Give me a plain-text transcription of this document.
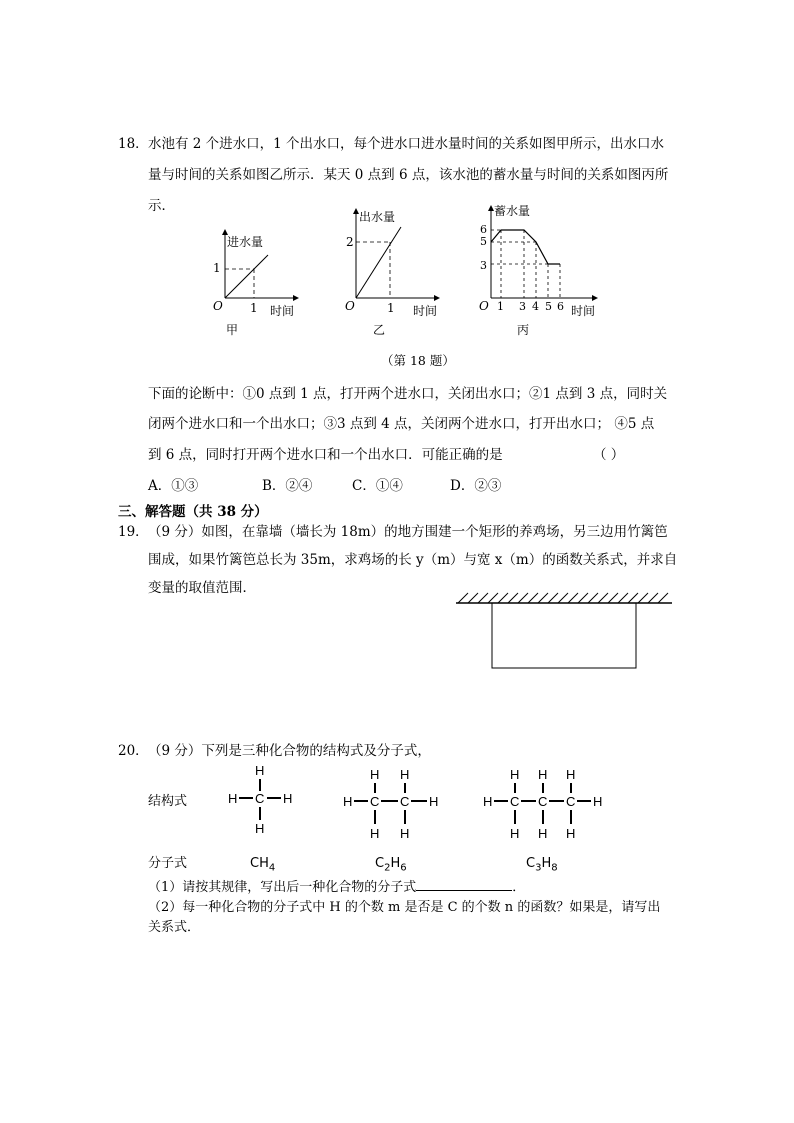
18． 水池有 2 个进水口，1 个出水口，每个进水口进水量时间的关系如图甲所示，出水口水
量与时间的关系如图乙所示．某天 0 点到 6 点，该水池的蓄水量与时间的关系如图丙所
示．
进水量
O
1
1 时间
甲
出水量
O
2
1 时间
乙
蓄水量
O
6
5
3
1 3 4 5 6 时间
丙
（第 18 题）
下面的论断中：①0 点到 1 点，打开两个进水口，关闭出水口；②1 点到 3 点，同时关
闭两个进水口和一个出水口；③3 点到 4 点，关闭两个进水口，打开出水口； ④5 点
到 6 点，同时打开两个进水口和一个出水口．可能正确的是	（ ）
A．①③	B．②④	C．①④	D．②③
三、解答题（共 38 分）
19． （9 分）如图，在靠墙（墙长为 18m）的地方围建一个矩形的养鸡场，另三边用竹篱笆
围成，如果竹篱笆总长为 35m，求鸡场的长 y（m）与宽 x（m）的函数关系式，并求自
变量的取值范围．
20． （9 分）下列是三种化合物的结构式及分子式，
结构式	C
H
H
H	H	H C C H
H H
H H
H C C C H
H H H
H H H
分子式	$CH_4$	$C_2H_6$	$C_3H_8$
（1）请按其规律，写出后一种化合物的分子式	．
（2）每一种化合物的分子式中 H 的个数 m 是否是 C 的个数 n 的函数？如果是，请写出
关系式．
